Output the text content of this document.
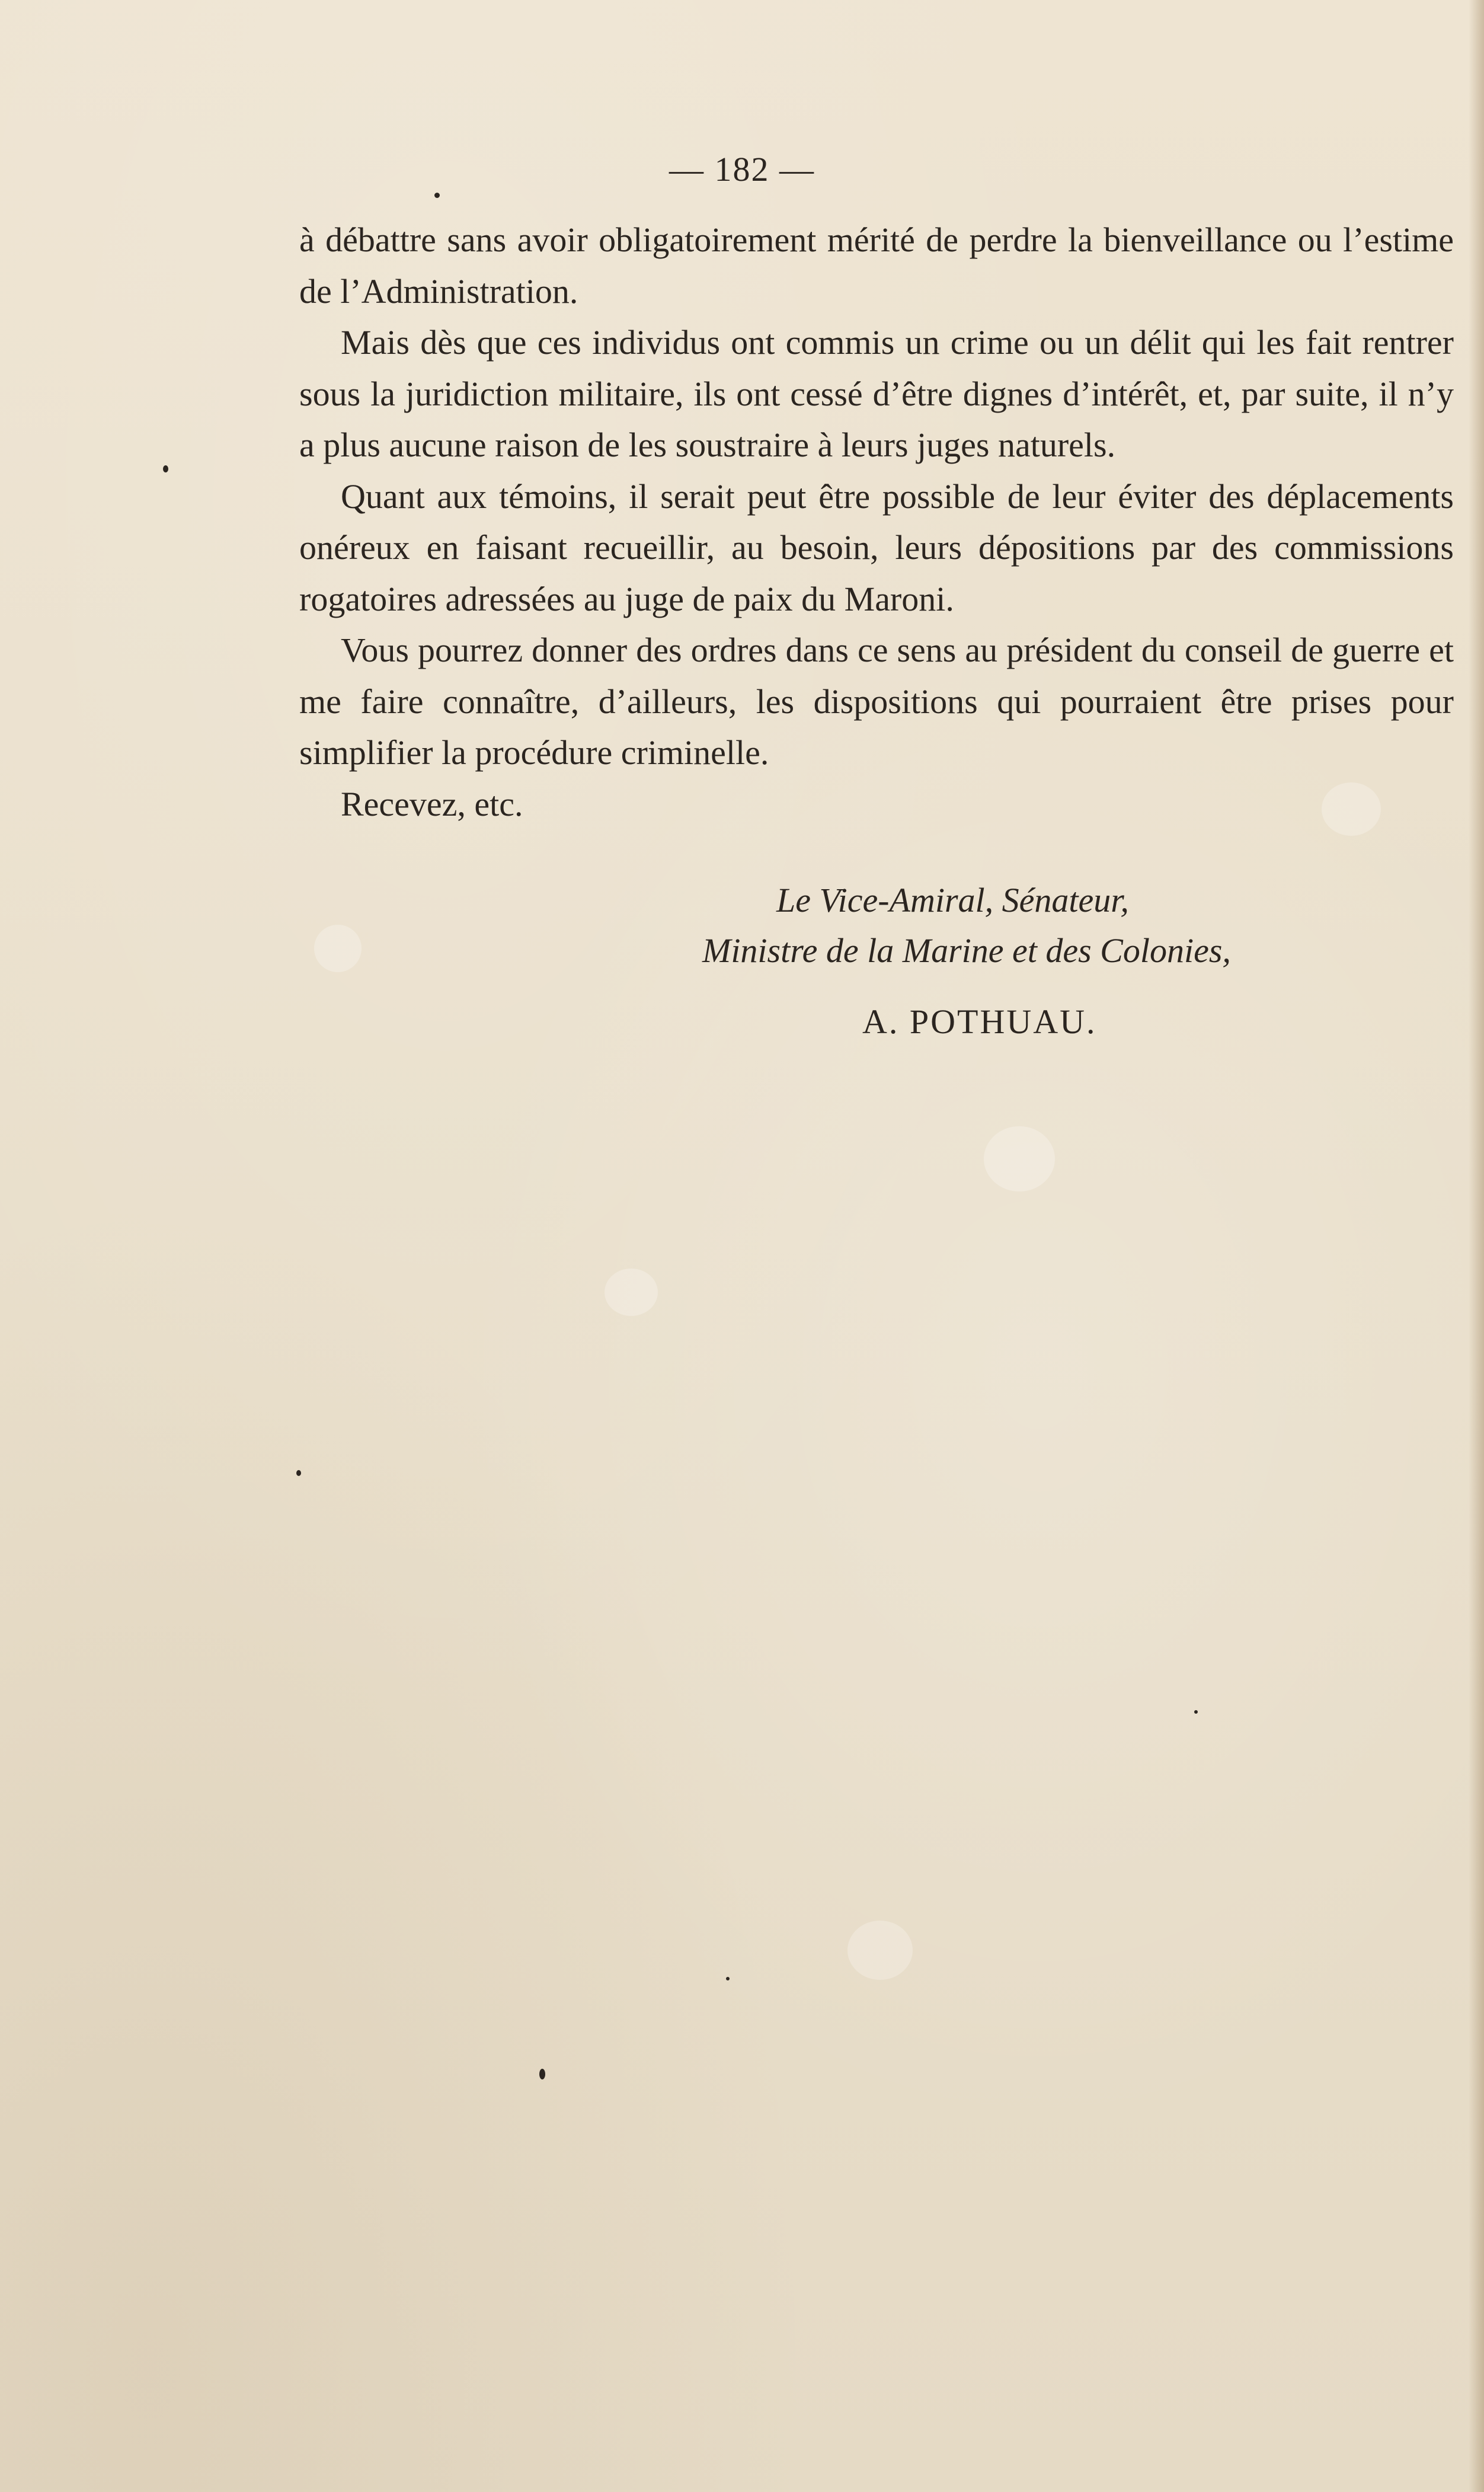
— 182 —

à débattre sans avoir obligatoirement mérité de perdre la bienveillance ou l’estime de l’Administration.

Mais dès que ces individus ont commis un crime ou un délit qui les fait rentrer sous la juridiction militaire, ils ont cessé d’être dignes d’intérêt, et, par suite, il n’y a plus aucune raison de les soustraire à leurs juges naturels.

Quant aux témoins, il serait peut être possible de leur éviter des déplacements onéreux en faisant recueillir, au besoin, leurs dépositions par des commissions rogatoires adressées au juge de paix du Maroni.

Vous pourrez donner des ordres dans ce sens au président du conseil de guerre et me faire connaître, d’ailleurs, les dispositions qui pourraient être prises pour simplifier la procédure criminelle.

Recevez, etc.

Le Vice-Amiral, Sénateur,
Ministre de la Marine et des Colonies,
A. POTHUAU.
